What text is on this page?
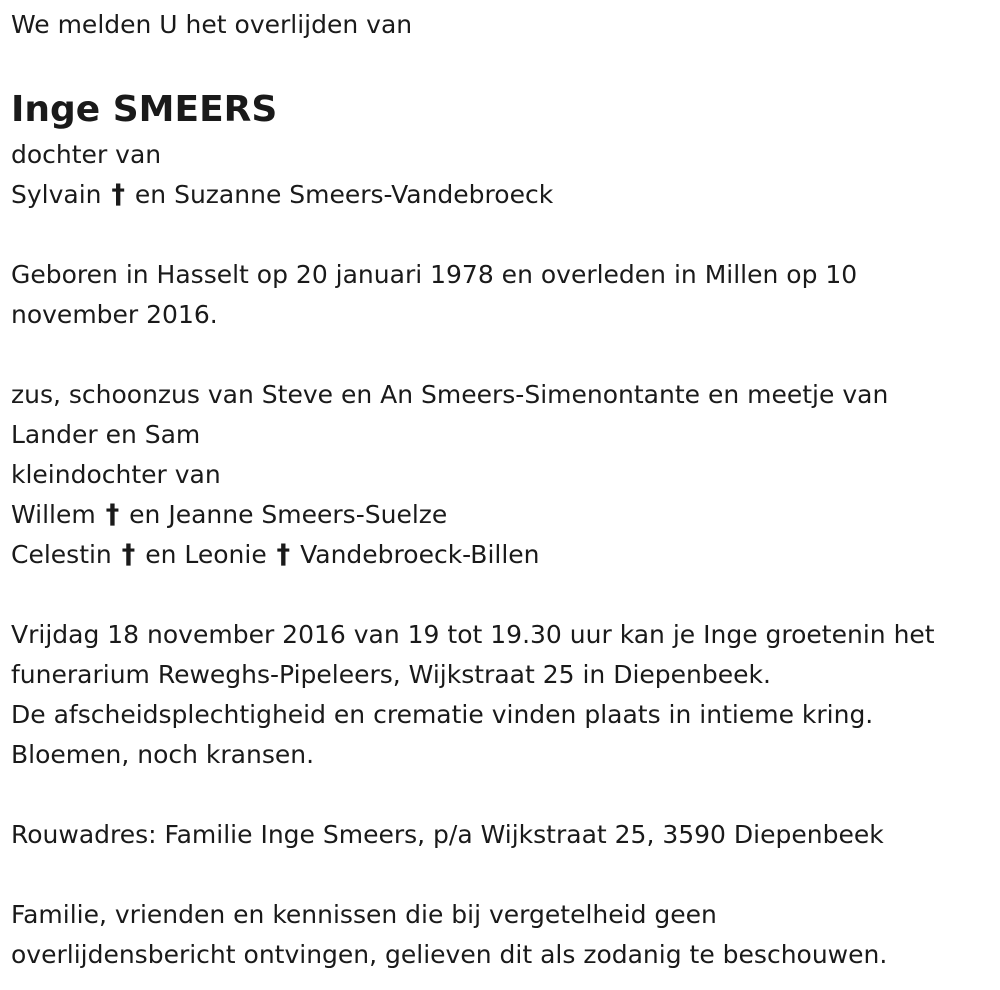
We melden U het overlijden van
Inge SMEERS
dochter van
Sylvain † en Suzanne Smeers-Vandebroeck
Geboren in Hasselt op 20 januari 1978 en overleden in Millen op 10
november 2016.
zus, schoonzus van Steve en An Smeers-Simenontante en meetje van
Lander en Sam
kleindochter van
Willem † en Jeanne Smeers-Suelze
Celestin † en Leonie † Vandebroeck-Billen
Vrijdag 18 november 2016 van 19 tot 19.30 uur kan je Inge groetenin het
funerarium Reweghs-Pipeleers, Wijkstraat 25 in Diepenbeek.
De afscheidsplechtigheid en crematie vinden plaats in intieme kring.
Bloemen, noch kransen.
Rouwadres: Familie Inge Smeers, p/a Wijkstraat 25, 3590 Diepenbeek
Familie, vrienden en kennissen die bij vergetelheid geen
overlijdensbericht ontvingen, gelieven dit als zodanig te beschouwen.
